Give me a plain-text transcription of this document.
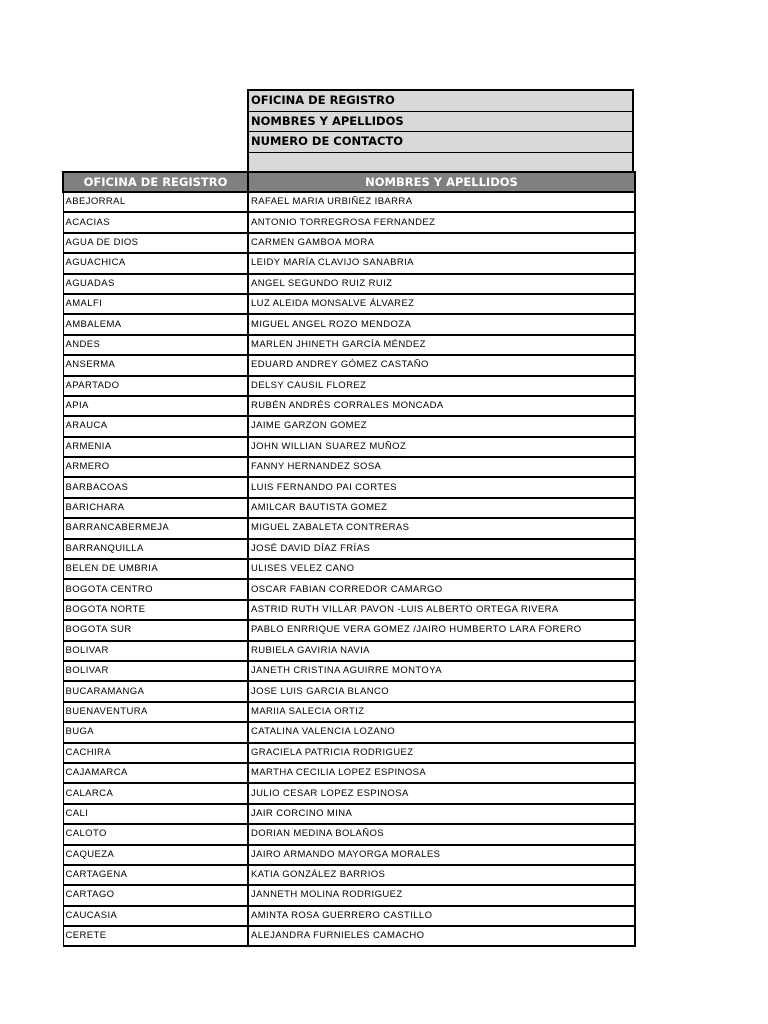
OFICINA DE REGISTRO
NOMBRES Y APELLIDOS
NUMERO DE CONTACTO
OFICINA DE REGISTRO	NOMBRES Y APELLIDOS
ABEJORRAL	RAFAEL MARIA URBIÑEZ IBARRA
ACACIAS	ANTONIO TORREGROSA FERNANDEZ
AGUA DE DIOS	CARMEN GAMBOA MORA
AGUACHICA	LEIDY MARÍA CLAVIJO SANABRIA
AGUADAS	ANGEL SEGUNDO RUIZ RUIZ
AMALFI	LUZ ALEIDA MONSALVE ÁLVAREZ
AMBALEMA	MIGUEL ANGEL ROZO MENDOZA
ANDES	MARLEN JHINETH GARCÍA MÉNDEZ
ANSERMA	EDUARD ANDREY GÓMEZ CASTAÑO
APARTADO	DELSY CAUSIL FLOREZ
APIA	RUBÉN ANDRÉS CORRALES MONCADA
ARAUCA	JAIME GARZON GOMEZ
ARMENIA	JOHN WILLIAN SUAREZ MUÑOZ
ARMERO	FANNY HERNANDEZ SOSA
BARBACOAS	LUIS FERNANDO PAI CORTES
BARICHARA	AMILCAR BAUTISTA GOMEZ
BARRANCABERMEJA	MIGUEL ZABALETA CONTRERAS
BARRANQUILLA	JOSÉ DAVID DÍAZ FRÍAS
BELEN DE UMBRIA	ULISES VELEZ CANO
BOGOTA CENTRO	OSCAR FABIAN CORREDOR CAMARGO
BOGOTA NORTE	ASTRID RUTH VILLAR PAVON -LUIS ALBERTO ORTEGA RIVERA
BOGOTA SUR	PABLO ENRRIQUE VERA GOMEZ /JAIRO HUMBERTO LARA FORERO
BOLIVAR	RUBIELA GAVIRIA NAVIA
BOLIVAR	JANETH CRISTINA AGUIRRE MONTOYA
BUCARAMANGA	JOSE LUIS GARCIA BLANCO
BUENAVENTURA	MARIIA SALECIA ORTIZ
BUGA	CATALINA VALENCIA LOZANO
CACHIRA	GRACIELA PATRICIA RODRIGUEZ
CAJAMARCA	MARTHA CECILIA LOPEZ ESPINOSA
CALARCA	JULIO CESAR LOPEZ ESPINOSA
CALI	JAIR CORCINO MINA
CALOTO	DORIAN MEDINA BOLAÑOS
CAQUEZA	JAIRO ARMANDO MAYORGA MORALES
CARTAGENA	KATIA GONZÁLEZ BARRIOS
CARTAGO	JANNETH MOLINA RODRIGUEZ
CAUCASIA	AMINTA ROSA GUERRERO CASTILLO
CERETE	ALEJANDRA FURNIELES CAMACHO
